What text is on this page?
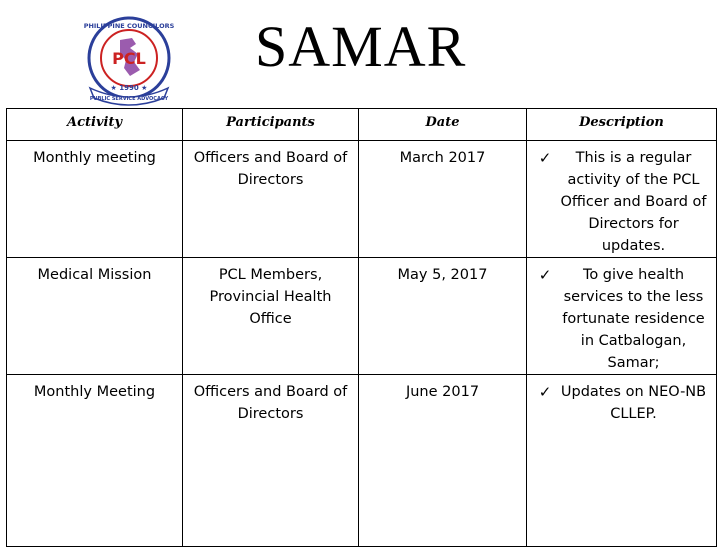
PHILIPPINE COUNCILORS
PCL
★ 1990 ★
PUBLIC SERVICE ADVOCACY
SAMAR
Activity	Participants	Date	Description
Monthly meeting	Officers and Board of Directors	March 2017	✓ This is a regular activity of the PCL Officer and Board of Directors for updates.

Medical Mission	PCL Members, Provincial Health Office	May 5, 2017	✓ To give health services to the less fortunate residence in Catbalogan, Samar;

Monthly Meeting	Officers and Board of Directors	June 2017	✓ Updates on NEO-NB CLLEP.
